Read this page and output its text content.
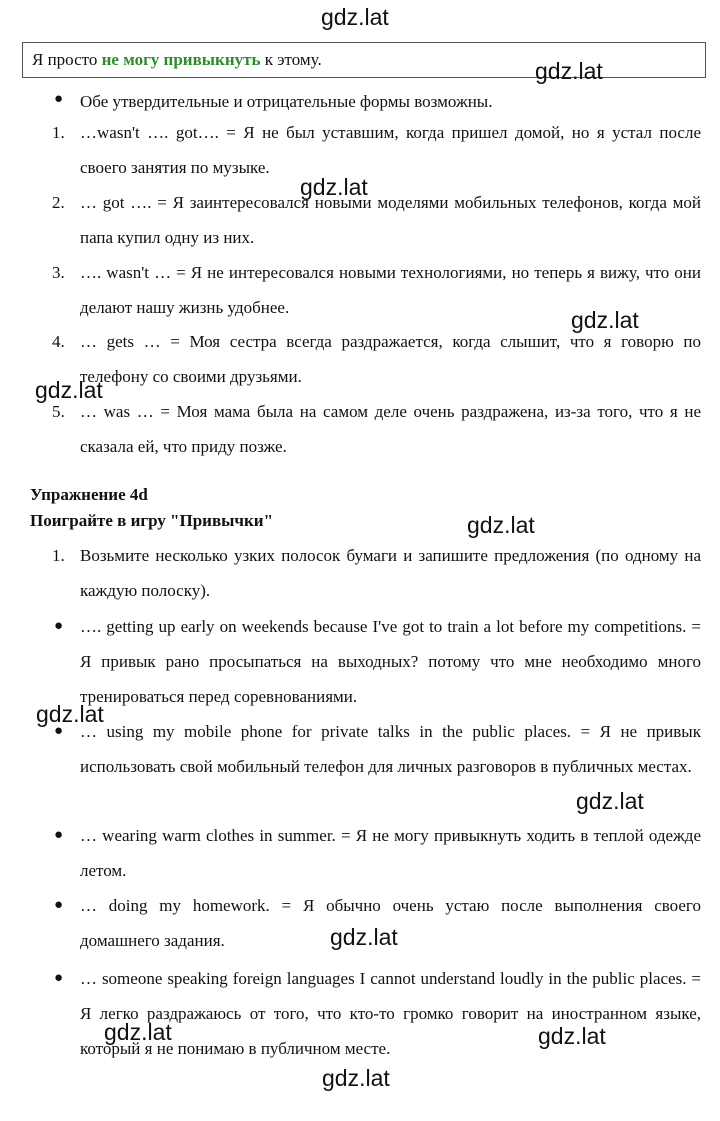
Я просто не могу привыкнуть к этому.
● Обе утвердительные и отрицательные формы возможны.
1. …wasn't …. got…. = Я не был уставшим, когда пришел домой, но я устал после своего занятия по музыке.
2. … got …. = Я заинтересовался новыми моделями мобильных телефонов, когда мой папа купил одну из них.
3. …. wasn't … = Я не интересовался новыми технологиями, но теперь я вижу, что они делают нашу жизнь удобнее.
4. … gets … = Моя сестра всегда раздражается, когда слышит, что я говорю по телефону со своими друзьями.
5. … was … = Моя мама была на самом деле очень раздражена, из-за того, что я не сказала ей, что приду позже.
Упражнение 4d
Поиграйте в игру "Привычки"
1. Возьмите несколько узких полосок бумаги и запишите предложения (по одному на каждую полоску).
● …. getting up early on weekends because I've got to train a lot before my competitions. = Я привык рано просыпаться на выходных? потому что мне необходимо много тренироваться перед соревнованиями.
● … using my mobile phone for private talks in the public places. = Я не привык использовать свой мобильный телефон для личных разговоров в публичных местах.
● … wearing warm clothes in summer. = Я не могу привыкнуть ходить в теплой одежде летом.
● … doing my homework. = Я обычно очень устаю после выполнения своего домашнего задания.
● … someone speaking foreign languages I cannot understand loudly in the public places. = Я легко раздражаюсь от того, что кто-то громко говорит на иностранном языке, который я не понимаю в публичном месте.
gdz.lat
gdz.lat
gdz.lat
gdz.lat
gdz.lat
gdz.lat
gdz.lat
gdz.lat
gdz.lat
gdz.lat	gdz.lat
gdz.lat
